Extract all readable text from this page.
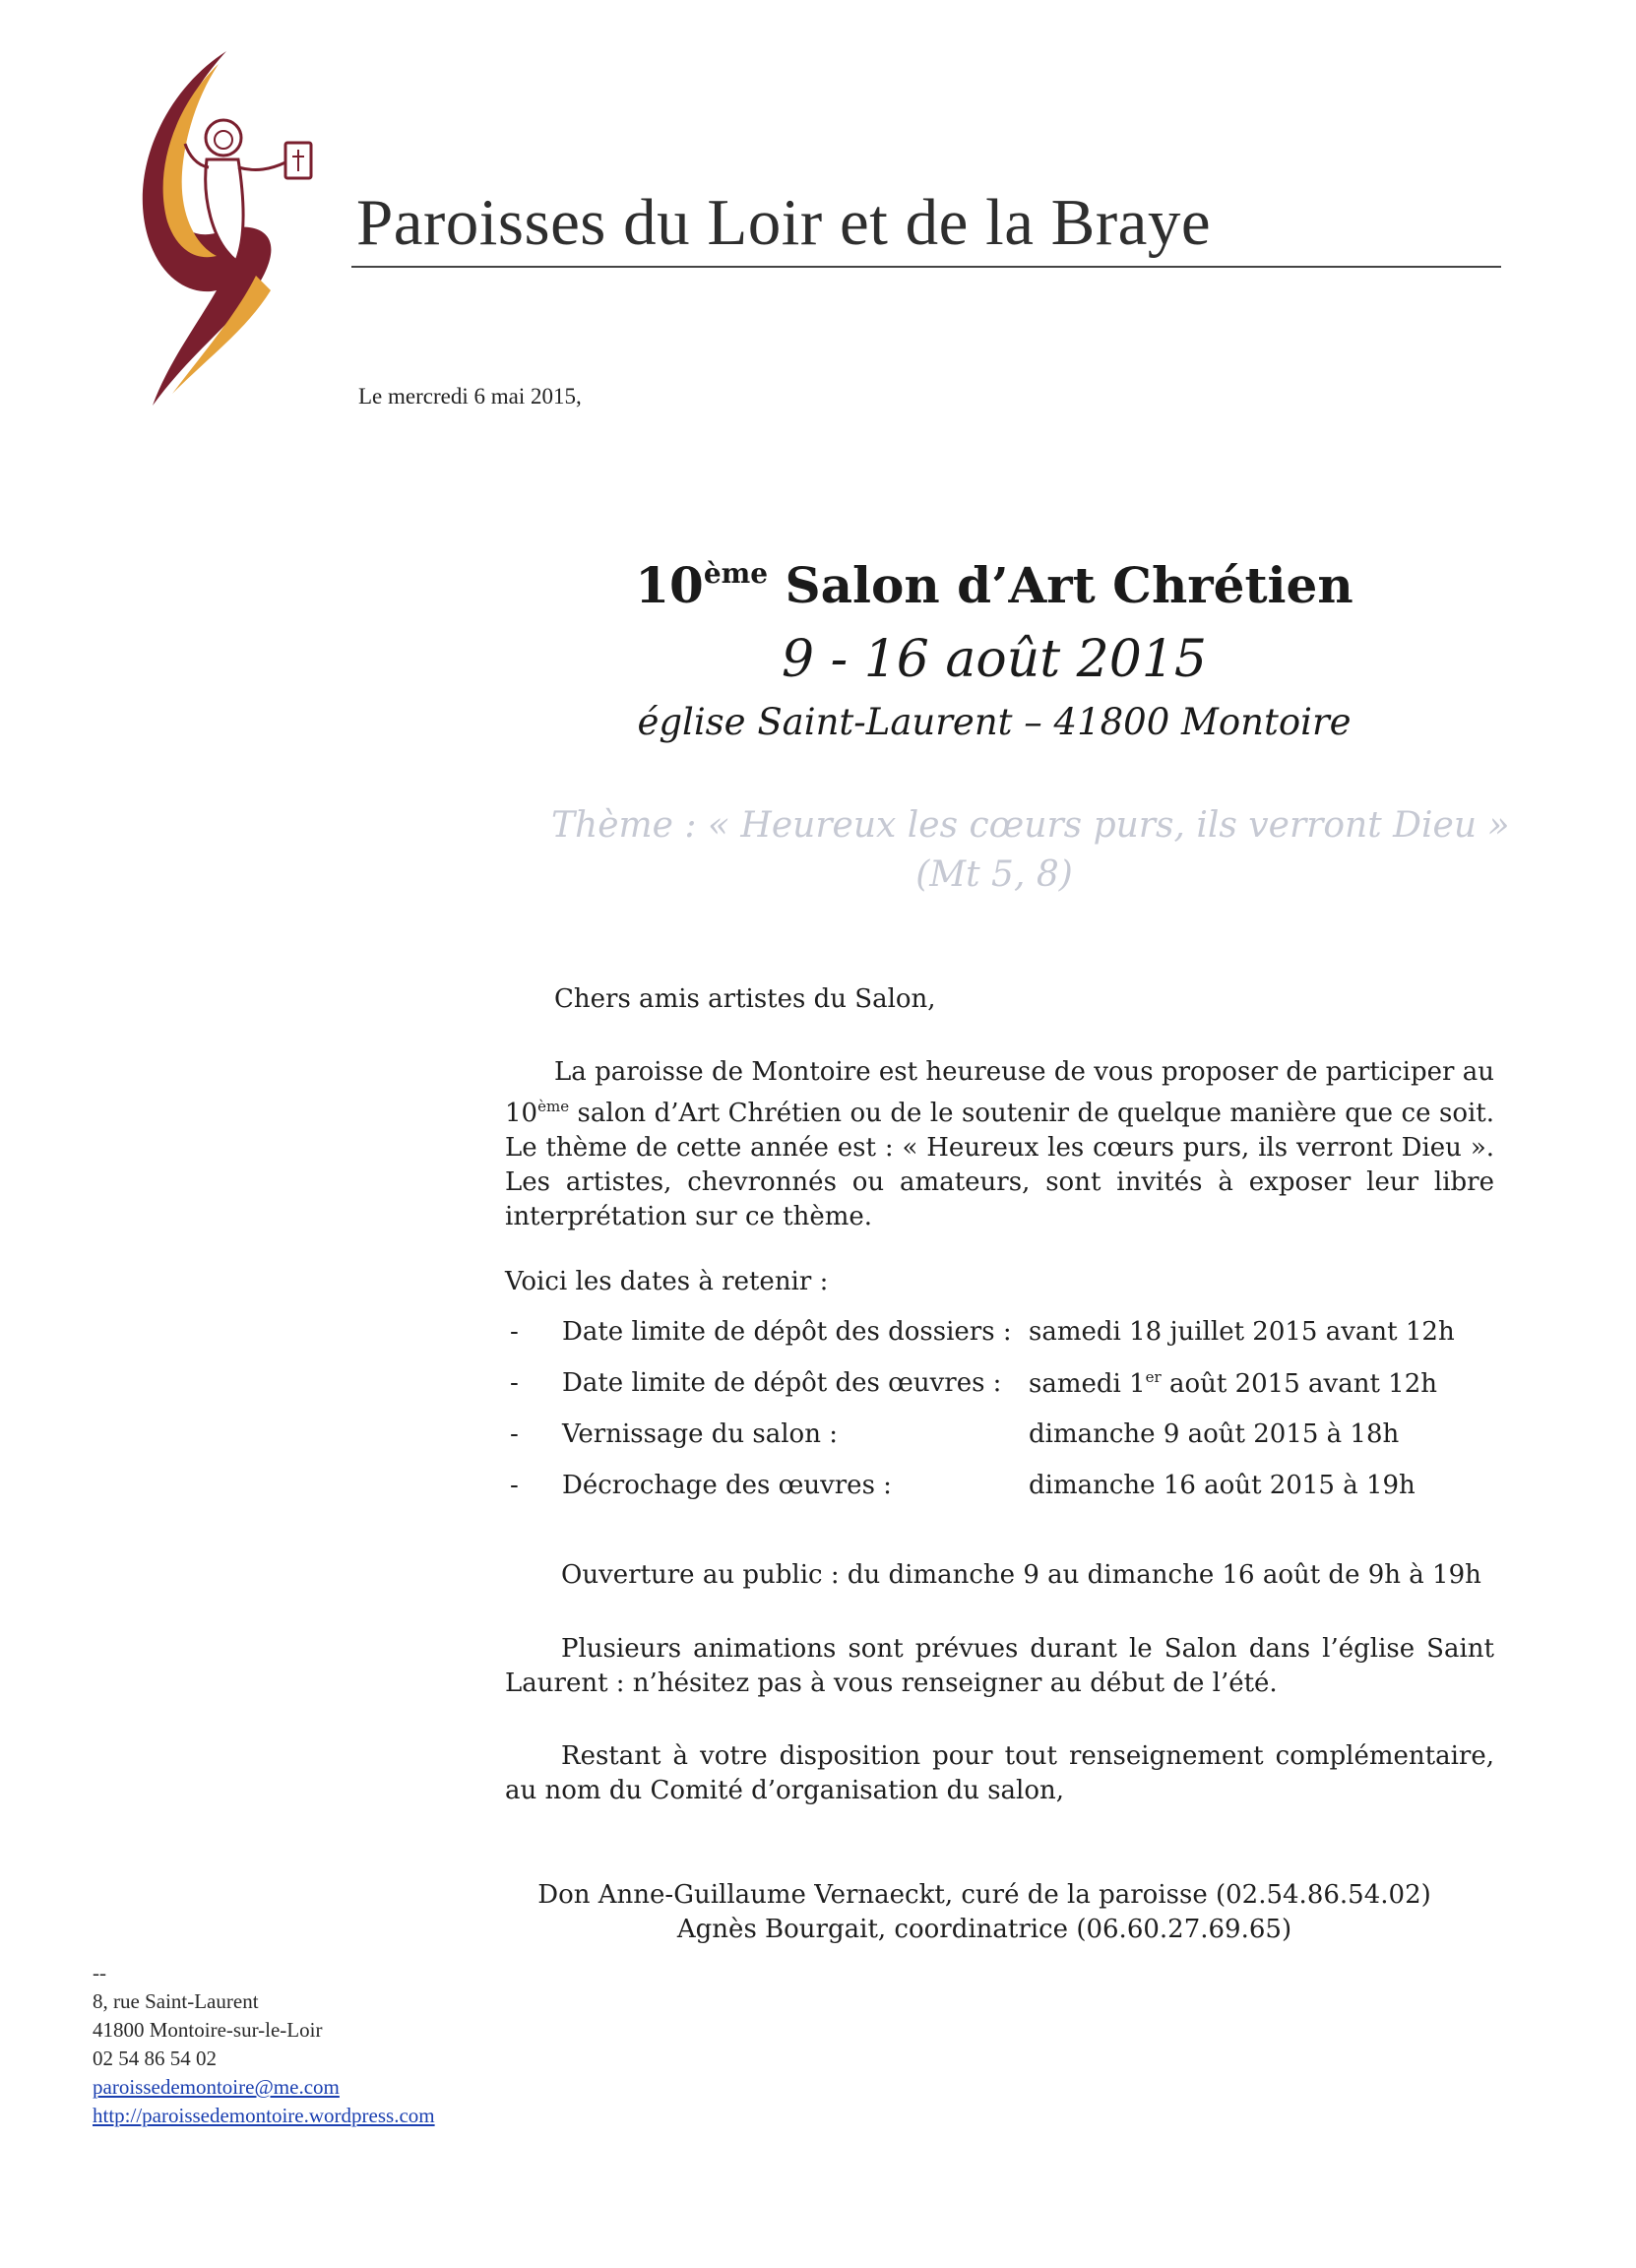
Paroisses du Loir et de la Braye
Le mercredi 6 mai 2015,
10ème Salon d’Art Chrétien
9 - 16 août 2015
église Saint-Laurent – 41800 Montoire
Thème : « Heureux les cœurs purs, ils verront Dieu »
(Mt 5, 8)
Chers amis artistes du Salon,
La paroisse de Montoire est heureuse de vous proposer de participer au 10ème salon d’Art Chrétien ou de le soutenir de quelque manière que ce soit. Le thème de cette année est : « Heureux les cœurs purs, ils verront Dieu ». Les artistes, chevronnés ou amateurs, sont invités à exposer leur libre interprétation sur ce thème.
Voici les dates à retenir :
- Date limite de dépôt des dossiers : samedi 18 juillet 2015 avant 12h
- Date limite de dépôt des œuvres : samedi 1er août 2015 avant 12h
- Vernissage du salon :	dimanche 9 août 2015 à 18h
- Décrochage des œuvres :	dimanche 16 août 2015 à 19h
Ouverture au public : du dimanche 9 au dimanche 16 août de 9h à 19h
Plusieurs animations sont prévues durant le Salon dans l’église Saint Laurent : n’hésitez pas à vous renseigner au début de l’été.
Restant à votre disposition pour tout renseignement complémentaire, au nom du Comité d’organisation du salon,
Don Anne-Guillaume Vernaeckt, curé de la paroisse (02.54.86.54.02)
Agnès Bourgait, coordinatrice (06.60.27.69.65)
--
8, rue Saint-Laurent
41800 Montoire-sur-le-Loir
02 54 86 54 02
paroissedemontoire@me.com
http://paroissedemontoire.wordpress.com
